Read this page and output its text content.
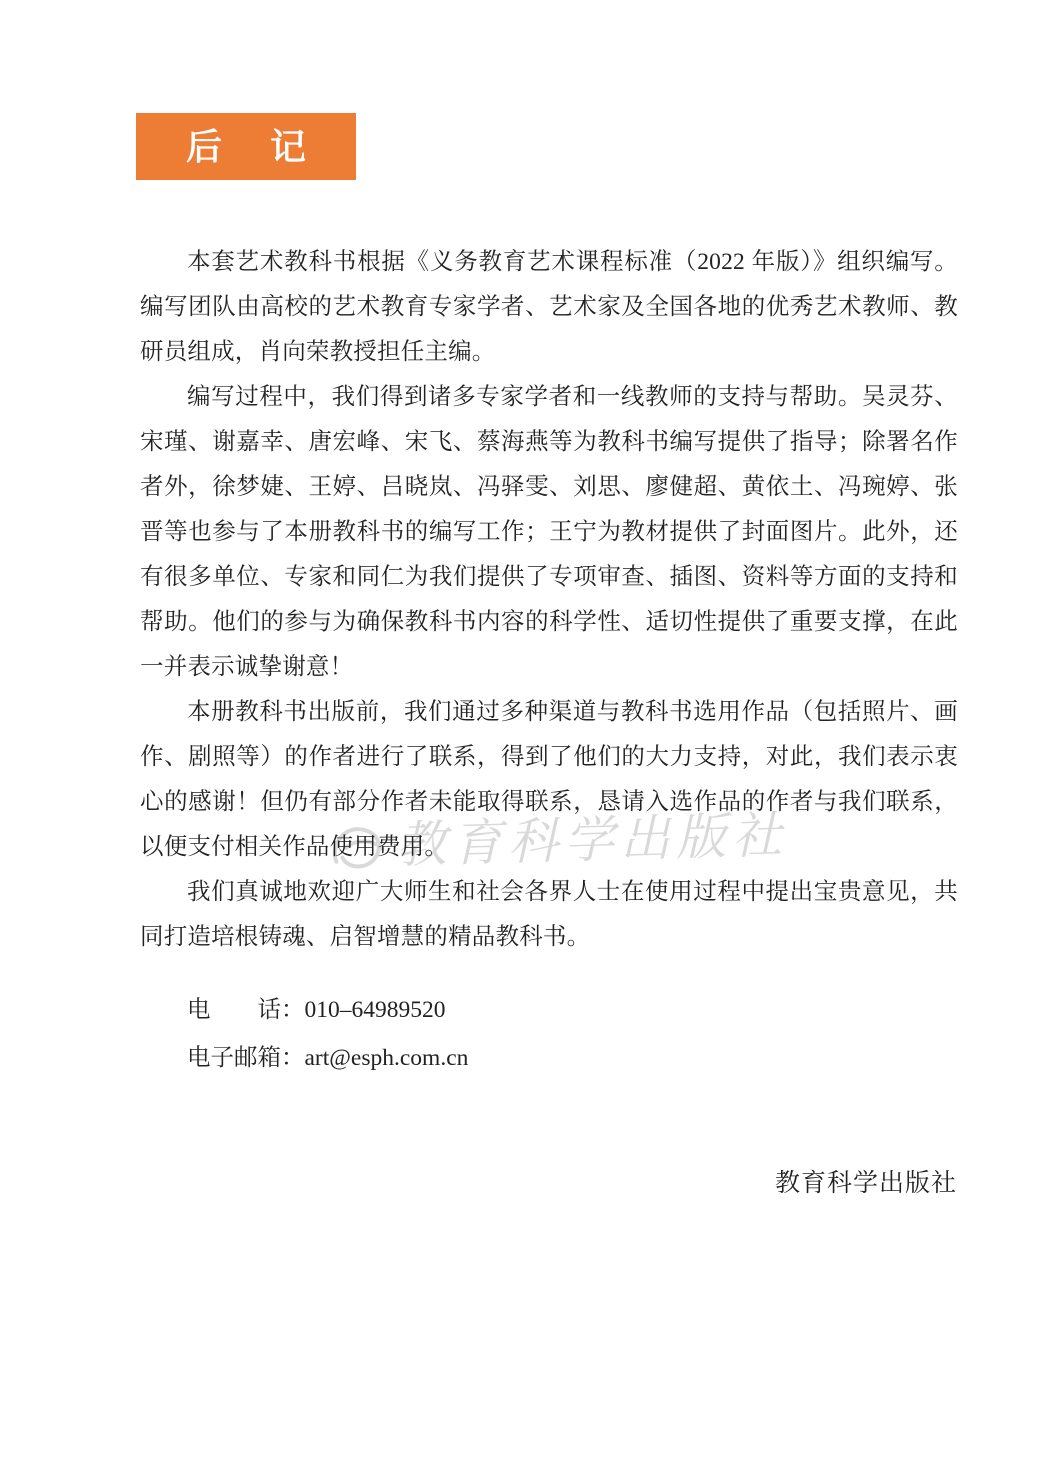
后　记
教育科学出版社

本套艺术教科书根据《义务教育艺术课程标准（2022 年版）》组织编写。编写团队由高校的艺术教育专家学者、艺术家及全国各地的优秀艺术教师、教研员组成，肖向荣教授担任主编。

编写过程中，我们得到诸多专家学者和一线教师的支持与帮助。吴灵芬、宋瑾、谢嘉幸、唐宏峰、宋飞、蔡海燕等为教科书编写提供了指导；除署名作者外，徐梦婕、王婷、吕晓岚、冯驿雯、刘思、廖健超、黄依土、冯琬婷、张晋等也参与了本册教科书的编写工作；王宁为教材提供了封面图片。此外，还有很多单位、专家和同仁为我们提供了专项审查、插图、资料等方面的支持和帮助。他们的参与为确保教科书内容的科学性、适切性提供了重要支撑，在此一并表示诚挚谢意！

本册教科书出版前，我们通过多种渠道与教科书选用作品（包括照片、画作、剧照等）的作者进行了联系，得到了他们的大力支持，对此，我们表示衷心的感谢！但仍有部分作者未能取得联系，恳请入选作品的作者与我们联系，以便支付相关作品使用费用。

我们真诚地欢迎广大师生和社会各界人士在使用过程中提出宝贵意见，共同打造培根铸魂、启智增慧的精品教科书。

电　　话：010–64989520
电子邮箱：art@esph.com.cn
教育科学出版社
